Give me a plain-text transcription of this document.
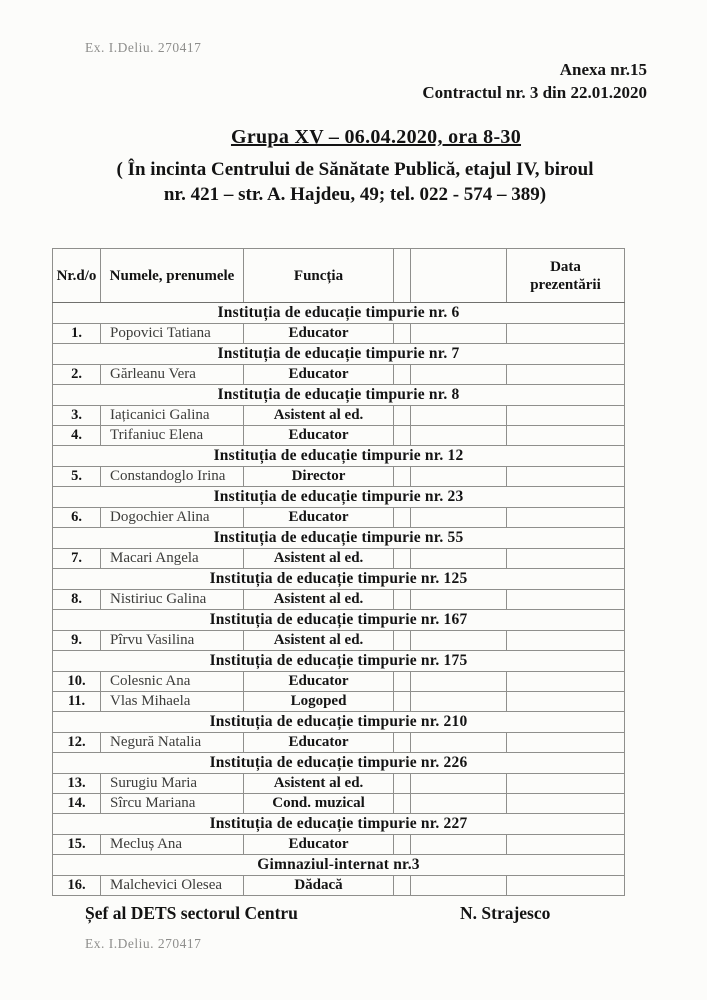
Ex. I.Deliu. 270417
Anexa nr.15
Contractul nr. 3 din 22.01.2020
Grupa XV – 06.04.2020, ora 8-30
( În incinta Centrului de Sănătate Publică, etajul IV, biroul
nr. 421 – str. A. Hajdeu, 49; tel. 022 - 574 – 389)
Nr.d/o	Numele, prenumele	Funcția			Data prezentării
Instituția de educație timpurie nr. 6					
1.	Popovici Tatiana	Educator			
Instituția de educație timpurie nr. 7					
2.	Gărleanu Vera	Educator			
Instituția de educație timpurie nr. 8					
3.	Iațicanici Galina	Asistent al ed.			
4.	Trifaniuc Elena	Educator			
Instituția de educație timpurie nr. 12					
5.	Constandoglo Irina	Director			
Instituția de educație timpurie nr. 23					
6.	Dogochier Alina	Educator			
Instituția de educație timpurie nr. 55					
7.	Macari Angela	Asistent al ed.			
Instituția de educație timpurie nr. 125					
8.	Nistiriuc Galina	Asistent al ed.			
Instituția de educație timpurie nr. 167					
9.	Pîrvu Vasilina	Asistent al ed.			
Instituția de educație timpurie nr. 175					
10.	Colesnic Ana	Educator			
11.	Vlas Mihaela	Logoped			
Instituția de educație timpurie nr. 210					
12.	Negură Natalia	Educator			
Instituția de educație timpurie nr. 226					
13.	Surugiu Maria	Asistent al ed.			
14.	Sîrcu Mariana	Cond. muzical			
Instituția de educație timpurie nr. 227					
15.	Mecluș Ana	Educator			
Gimnaziul-internat nr.3					
16.	Malchevici Olesea	Dădacă			
Șef al DETS sectorul Centru	N. Strajesco
Ex. I.Deliu. 270417
